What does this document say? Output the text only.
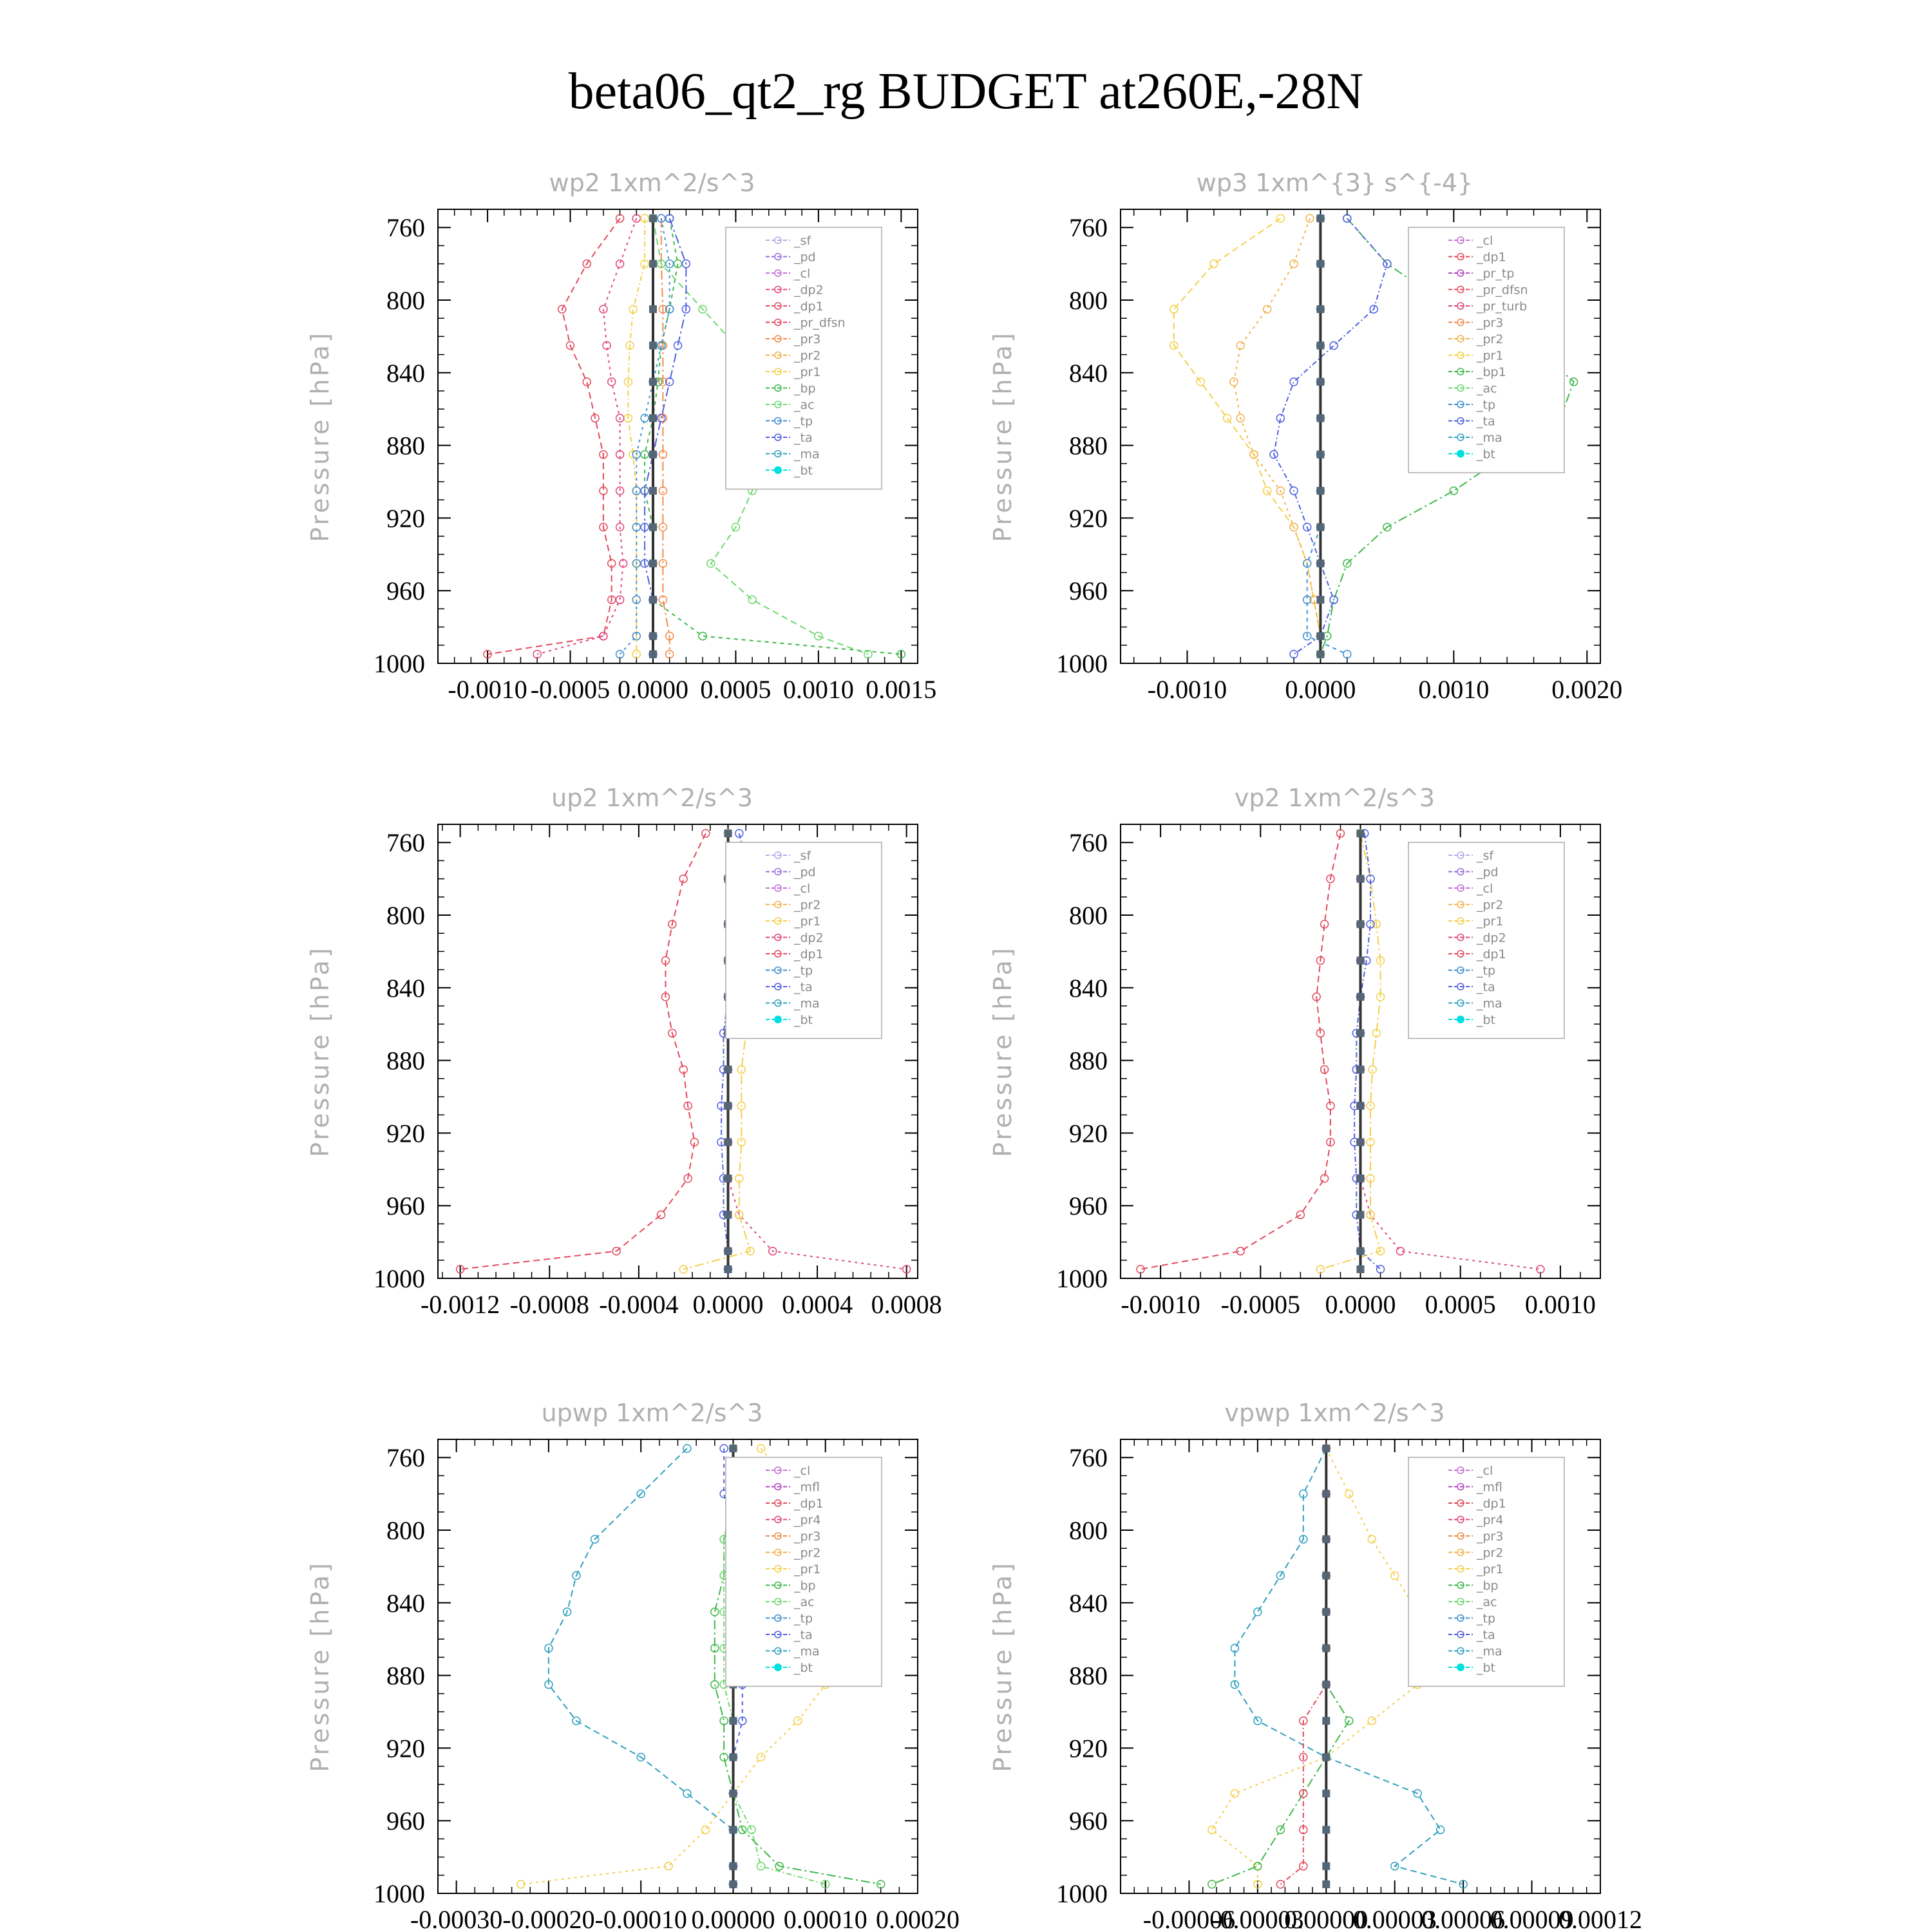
beta06_qt2_rg BUDGET at260E,-28N
wp2 1xm^2/s^3
Pressure [hPa]
760
800
840
880
920
960
1000
-0.0010 -0.0005 0.0000 0.0005 0.0010 0.0015
_sf
_pd
_cl
_dp2
_dp1
_pr_dfsn
_pr3
_pr2
_pr1
_bp
_ac
_tp
_ta
_ma
_bt
wp3 1xm^{3} s^{-4}
Pressure [hPa]
760
800
840
880
920
960
1000
-0.0010 0.0000 0.0010 0.0020
_cl
_dp1
_pr_tp
_pr_dfsn
_pr_turb
_pr3
_pr2
_pr1
_bp1
_ac
_tp
_ta
_ma
_bt
up2 1xm^2/s^3
Pressure [hPa]
760
800
840
880
920
960
1000
-0.0012 -0.0008 -0.0004 0.0000 0.0004 0.0008
_sf
_pd
_cl
_pr2
_pr1
_dp2
_dp1
_tp
_ta
_ma
_bt
vp2 1xm^2/s^3
Pressure [hPa]
760
800
840
880
920
960
1000
-0.0010 -0.0005 0.0000 0.0005 0.0010
_sf
_pd
_cl
_pr2
_pr1
_dp2
_dp1
_tp
_ta
_ma
_bt
upwp 1xm^2/s^3
Pressure [hPa]
760
800
840
880
920
960
1000
-0.00030 -0.00020 -0.00010 0.00000 0.00010 0.00020
_cl
_mfl
_dp1
_pr4
_pr3
_pr2
_pr1
_bp
_ac
_tp
_ta
_ma
_bt
vpwp 1xm^2/s^3
Pressure [hPa]
760
800
840
880
920
960
1000
-0.00006
-0.00003
0.00000
0.00003
0.00006
0.00009
0.00012
_cl
_mfl
_dp1
_pr4
_pr3
_pr2
_pr1
_bp
_ac
_tp
_ta
_ma
_bt
